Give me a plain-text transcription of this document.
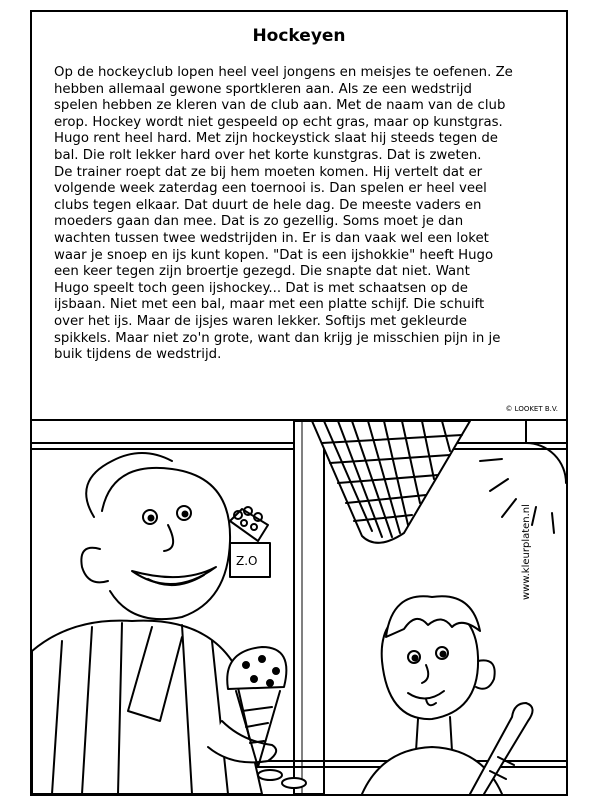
Hockeyen

Op de hockeyclub lopen heel veel jongens en meisjes te oefenen. Ze
hebben allemaal gewone sportkleren aan. Als ze een wedstrijd
spelen hebben ze kleren van de club aan. Met de naam van de club
erop. Hockey wordt niet gespeeld op echt gras, maar op kunstgras.
Hugo rent heel hard. Met zijn hockeystick slaat hij steeds tegen de
bal. Die rolt lekker hard over het korte kunstgras. Dat is zweten.
De trainer roept dat ze bij hem moeten komen. Hij vertelt dat er
volgende week zaterdag een toernooi is. Dan spelen er heel veel
clubs tegen elkaar. Dat duurt de hele dag. De meeste vaders en
moeders gaan dan mee. Dat is zo gezellig. Soms moet je dan
wachten tussen twee wedstrijden in. Er is dan vaak wel een loket
waar je snoep en ijs kunt kopen. "Dat is een ijshokkie" heeft Hugo
een keer tegen zijn broertje gezegd. Die snapte dat niet. Want
Hugo speelt toch geen ijshockey... Dat is met schaatsen op de
ijsbaan. Niet met een bal, maar met een platte schijf. Die schuift
over het ijs. Maar de ijsjes waren lekker. Softijs met gekleurde
spikkels. Maar niet zo'n grote, want dan krijg je misschien pijn in je
buik tijdens de wedstrijd.

© LOOKET B.V.
Z.O	www.kleurplaten.nl
